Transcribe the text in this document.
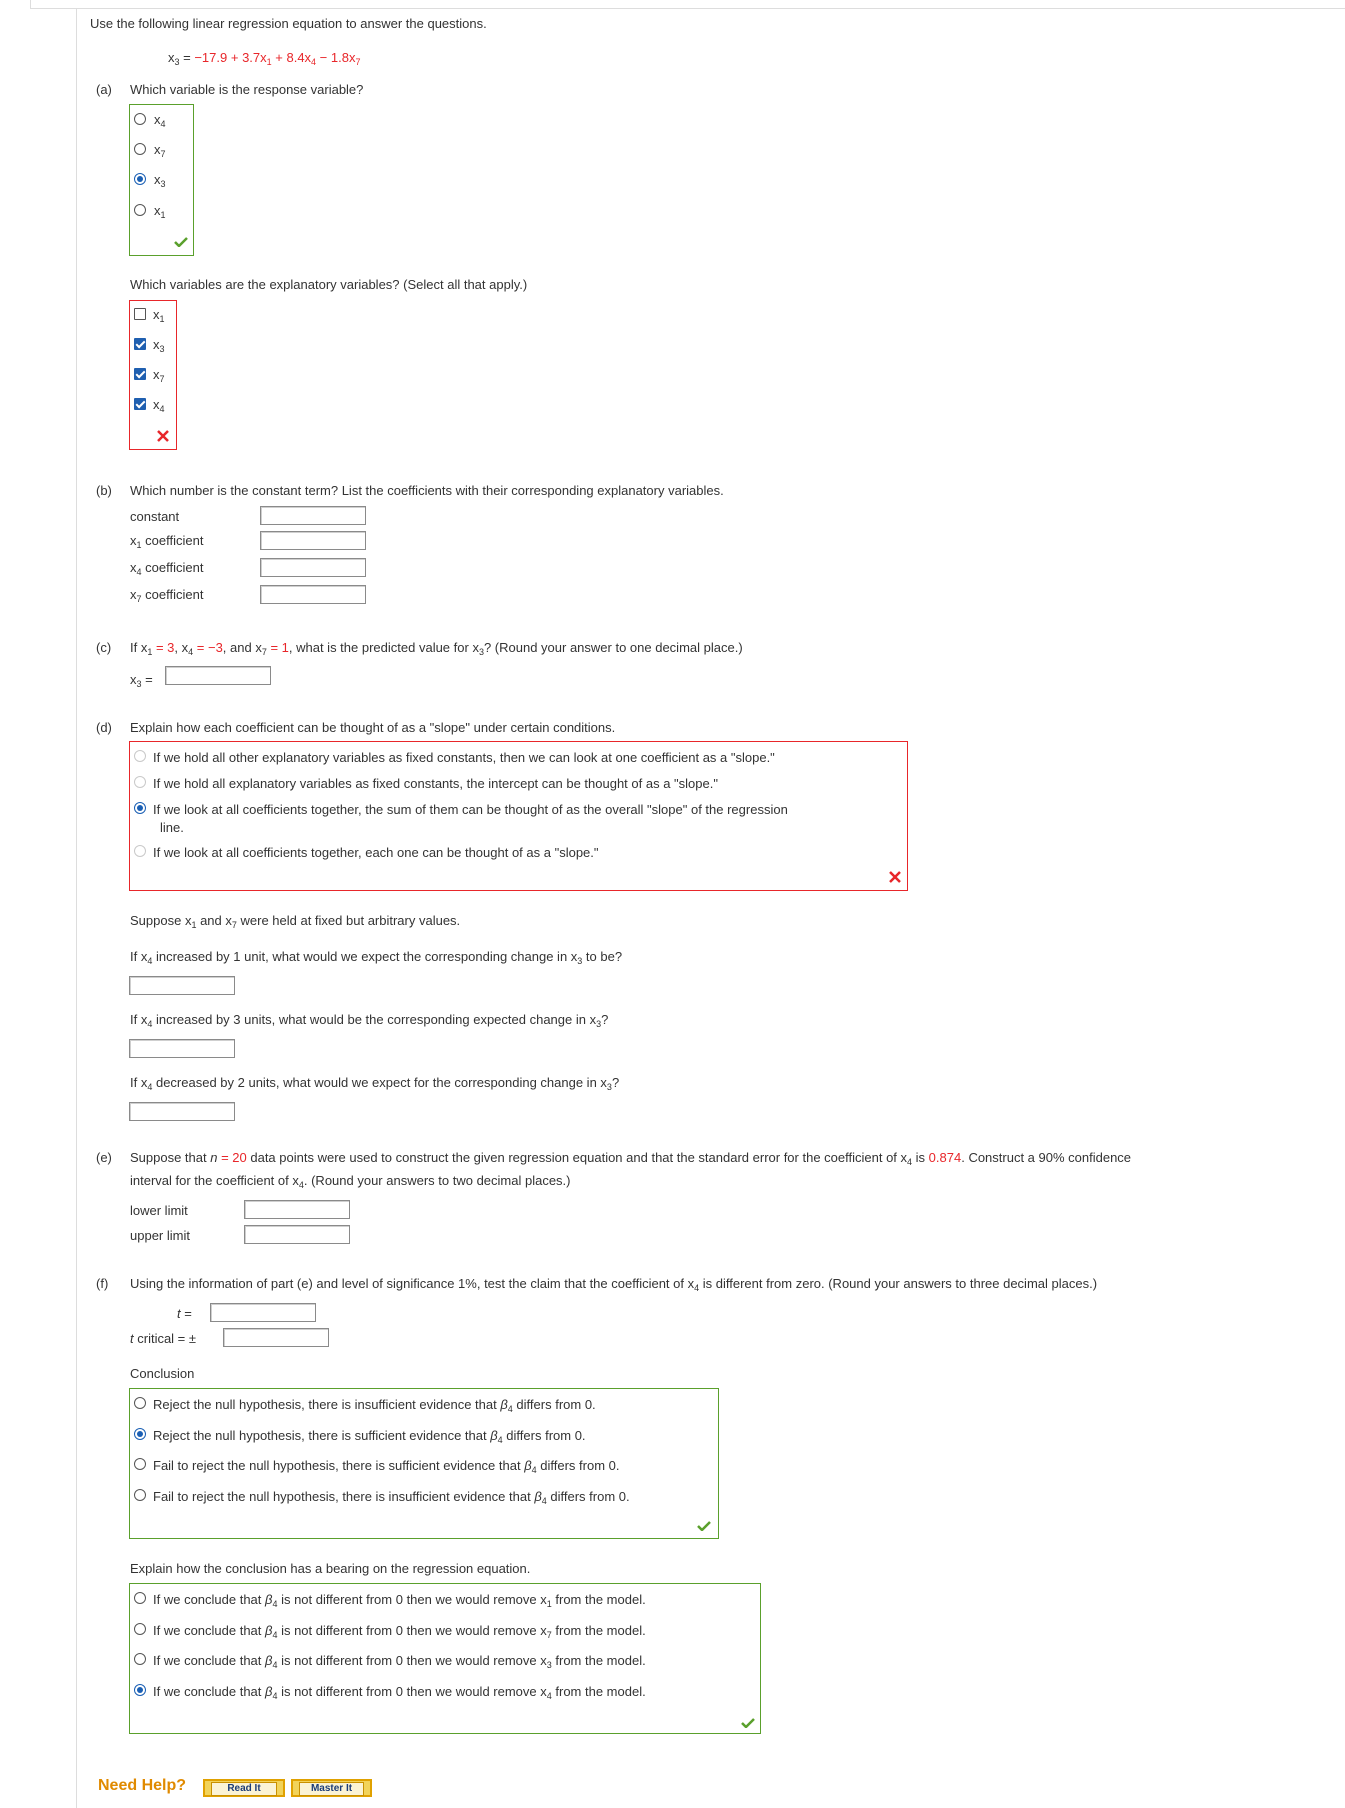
Use the following linear regression equation to answer the questions.
$x_3 = -17.9 + 3.7x_1 + 8.4x_4 - 1.8x_7$
(a) Which variable is the response variable?
$x_4$
$x_7$
$x_3$
$x_1$
Which variables are the explanatory variables? (Select all that apply.)
$x_1$
$x_3$
$x_7$
$x_4$
(b) Which number is the constant term? List the coefficients with their corresponding explanatory variables.
constant
$x_1$ coefficient
$x_4$ coefficient
$x_7$ coefficient
(c) If $x_1 = 3$, $x_4 = -3$, and $x_7 = 1$, what is the predicted value for $x_3$? (Round your answer to one decimal place.)
$x_3$ =
(d) Explain how each coefficient can be thought of as a "slope" under certain conditions.
If we hold all other explanatory variables as fixed constants, then we can look at one coefficient as a "slope."
If we hold all explanatory variables as fixed constants, the intercept can be thought of as a "slope."
If we look at all coefficients together, the sum of them can be thought of as the overall "slope" of the regression
line.
If we look at all coefficients together, each one can be thought of as a "slope."
Suppose $x_1$ and $x_7$ were held at fixed but arbitrary values.
If $x_4$ increased by 1 unit, what would we expect the corresponding change in $x_3$ to be?
If $x_4$ increased by 3 units, what would be the corresponding expected change in $x_3$?
If $x_4$ decreased by 2 units, what would we expect for the corresponding change in $x_3$?
(e) Suppose that n = 20 data points were used to construct the given regression equation and that the standard error for the coefficient of $x_4$ is 0.874. Construct a 90% confidence
interval for the coefficient of $x_4$. (Round your answers to two decimal places.)
lower limit
upper limit
(f) Using the information of part (e) and level of significance 1%, test the claim that the coefficient of $x_4$ is different from zero. (Round your answers to three decimal places.)
t =
t critical = ±
Conclusion
Reject the null hypothesis, there is insufficient evidence that $\beta_4$ differs from 0.
Reject the null hypothesis, there is sufficient evidence that $\beta_4$ differs from 0.
Fail to reject the null hypothesis, there is sufficient evidence that $\beta_4$ differs from 0.
Fail to reject the null hypothesis, there is insufficient evidence that $\beta_4$ differs from 0.
Explain how the conclusion has a bearing on the regression equation.
If we conclude that $\beta_4$ is not different from 0 then we would remove $x_1$ from the model.
If we conclude that $\beta_4$ is not different from 0 then we would remove $x_7$ from the model.
If we conclude that $\beta_4$ is not different from 0 then we would remove $x_3$ from the model.
If we conclude that $\beta_4$ is not different from 0 then we would remove $x_4$ from the model.
Need Help?	Read It	Master It
